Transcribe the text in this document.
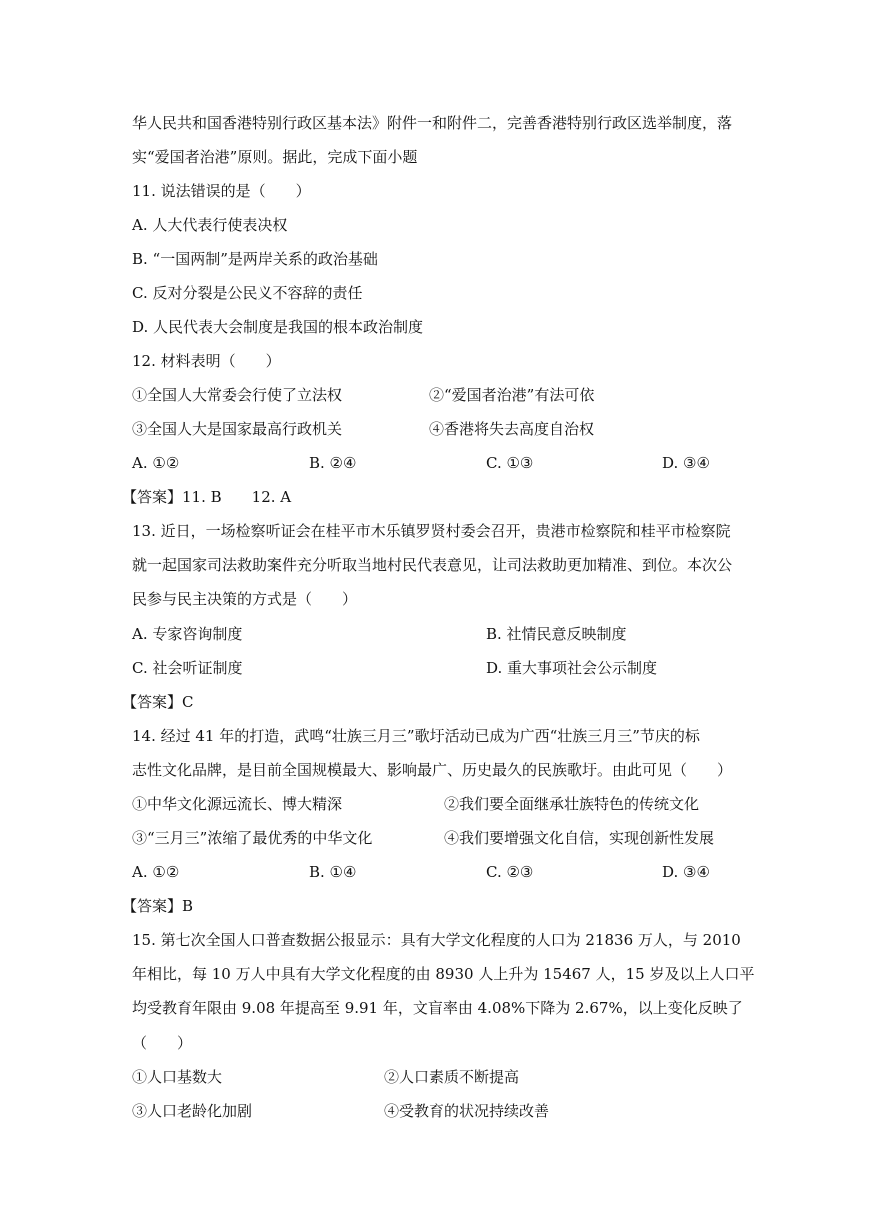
华人民共和国香港特别行政区基本法》附件一和附件二，完善香港特别行政区选举制度，落
实“爱国者治港”原则。据此，完成下面小题
11. 说法错误的是（　　）
A. 人大代表行使表决权
B. “一国两制”是两岸关系的政治基础
C. 反对分裂是公民义不容辞的责任
D. 人民代表大会制度是我国的根本政治制度
12. 材料表明（　　）
①全国人大常委会行使了立法权	②“爱国者治港”有法可依
③全国人大是国家最高行政机关	④香港将失去高度自治权
A. ①②	B. ②④	C. ①③	D. ③④
【答案】11. B　　12. A
13. 近日，一场检察听证会在桂平市木乐镇罗贤村委会召开，贵港市检察院和桂平市检察院
就一起国家司法救助案件充分听取当地村民代表意见，让司法救助更加精准、到位。本次公
民参与民主决策的方式是（　　）
A. 专家咨询制度	B. 社情民意反映制度
C. 社会听证制度	D. 重大事项社会公示制度
【答案】C
14. 经过 41 年的打造，武鸣“壮族三月三”歌圩活动已成为广西“壮族三月三”节庆的标
志性文化品牌，是目前全国规模最大、影响最广、历史最久的民族歌圩。由此可见（　　）
①中华文化源远流长、博大精深	②我们要全面继承壮族特色的传统文化
③“三月三”浓缩了最优秀的中华文化	④我们要增强文化自信，实现创新性发展
A. ①②	B. ①④	C. ②③	D. ③④
【答案】B
15. 第七次全国人口普查数据公报显示：具有大学文化程度的人口为 21836 万人，与 2010
年相比，每 10 万人中具有大学文化程度的由 8930 人上升为 15467 人，15 岁及以上人口平
均受教育年限由 9.08 年提高至 9.91 年，文盲率由 4.08%下降为 2.67%，以上变化反映了
（　　）
①人口基数大	②人口素质不断提高
③人口老龄化加剧	④受教育的状况持续改善
